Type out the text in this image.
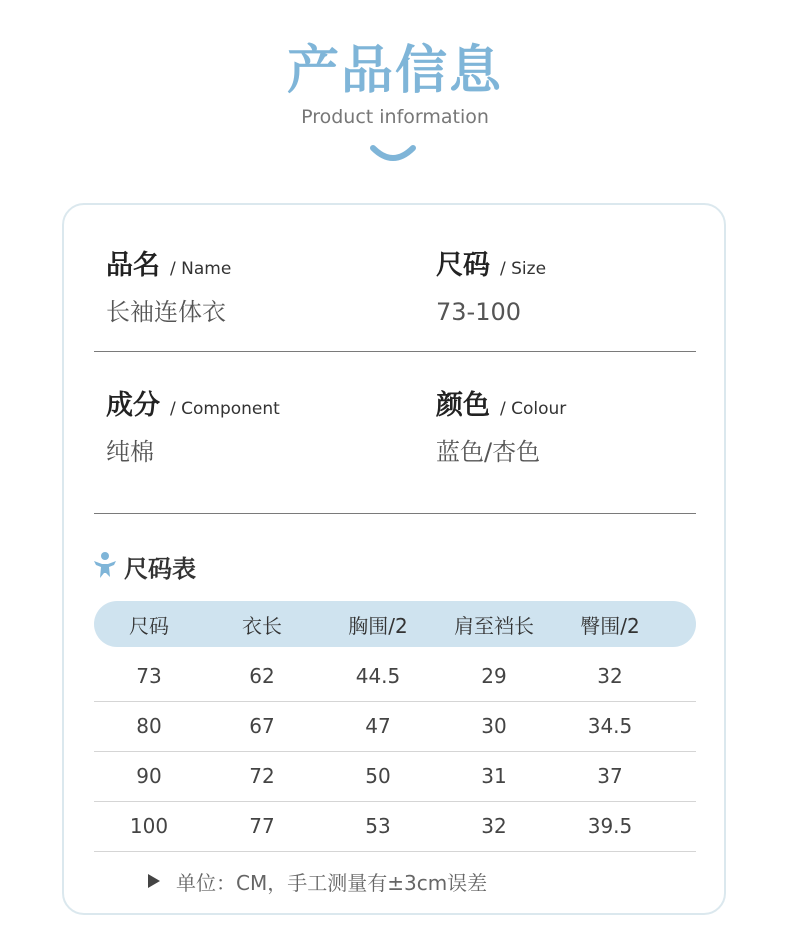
产品信息
Product information
品名 / Name
长袖连体衣
尺码 / Size
73-100
成分 / Component
纯棉
颜色 / Colour
蓝色/杏色
尺码表
尺码	衣长	胸围/2	肩至裆长	臀围/2
73	62	44.5	29	32
80	67	47	30	34.5
90	72	50	31	37
100	77	53	32	39.5
单位：CM，手工测量有±3cm误差
